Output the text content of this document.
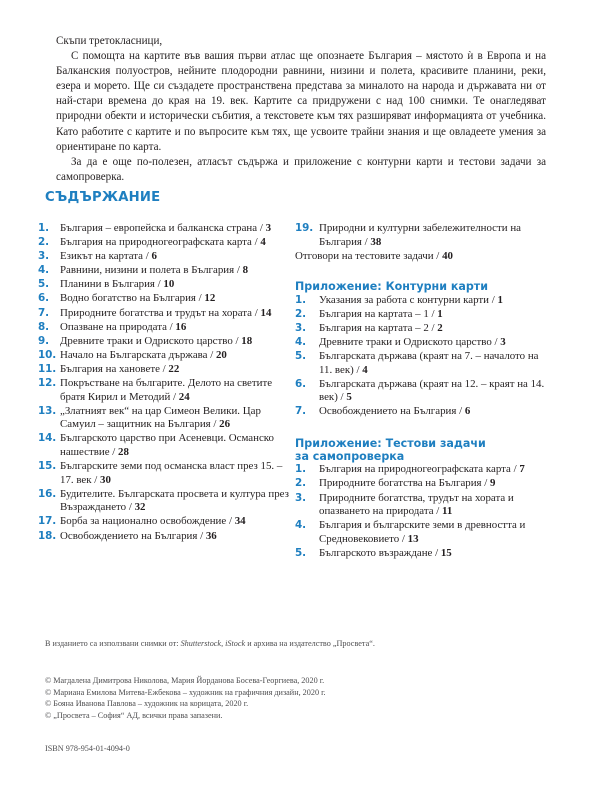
Скъпи третокласници,

С помощта на картите във вашия първи атлас ще опознаете България – мястото ѝ в Европа и на Балканския полуостров, нейните плодородни равнини, низини и полета, красивите планини, реки, езера и морето. Ще си създадете пространствена представа за миналото на народа и държавата ни от най-стари времена до края на 19. век. Картите са придружени с над 100 снимки. Те онагледяват природни обекти и исторически събития, а текстовете към тях разширяват информацията от учебника. Като работите с картите и по въпросите към тях, ще усвоите трайни знания и ще овладеете умения за ориентиране по карта.

За да е още по-полезен, атласът съдържа и приложение с контурни карти и тестови задачи за самопроверка.

СЪДЪРЖАНИЕ
1.	България – европейска и балканска страна / 3
2.	България на природногеографската карта / 4
3.	Езикът на картата / 6
4.	Равнини, низини и полета в България / 8
5.	Планини в България / 10
6.	Водно богатство на България / 12
7.	Природните богатства и трудът на хората / 14
8.	Опазване на природата / 16
9.	Древните траки и Одриското царство / 18
10. Начало на Българската държава / 20
11. България на хановете / 22
12. Покръстване на българите. Делото на светите братя Кирил и Методий / 24
13. „Златният век“ на цар Симеон Велики. Цар Самуил – защитник на България / 26
14. Българското царство при Асеневци. Османско нашествие / 28
15. Българските земи под османска власт през 15. – 17. век / 30
16. Будителите. Българската просвета и култура през Възраждането / 32
17. Борба за национално освобождение / 34
18. Освобождението на България / 36
19. Природни и културни забележителности на България / 38
Отговори на тестовите задачи / 40
Приложение: Контурни карти
1.	Указания за работа с контурни карти / 1
2.	България на картата – 1 / 1
3.	България на картата – 2 / 2
4.	Древните траки и Одриското царство / 3
5.	Българската държава (краят на 7. – началото на 11. век) / 4
6.	Българската държава (краят на 12. – краят на 14. век) / 5
7.	Освобождението на България / 6
Приложение: Тестови задачи
за самопроверка
1.	България на природногеографската карта / 7
2.	Природните богатства на България / 9
3.	Природните богатства, трудът на хората и опазването на природата / 11
4.	България и българските земи в древността и Средновековието / 13
5.	Българското възраждане / 15

В изданието са използвани снимки от: Shutterstock, iStock и архива на издателство „Просвета“.

© Магдалена Димитрова Николова, Мария Йорданова Босева-Георгиева, 2020 г.
© Мариана Емилова Митева-Ежбекова – художник на графичния дизайн, 2020 г.
© Бояна Иванова Павлова – художник на корицата, 2020 г.
© „Просвета – София“ АД, всички права запазени.
ISBN 978-954-01-4094-0
